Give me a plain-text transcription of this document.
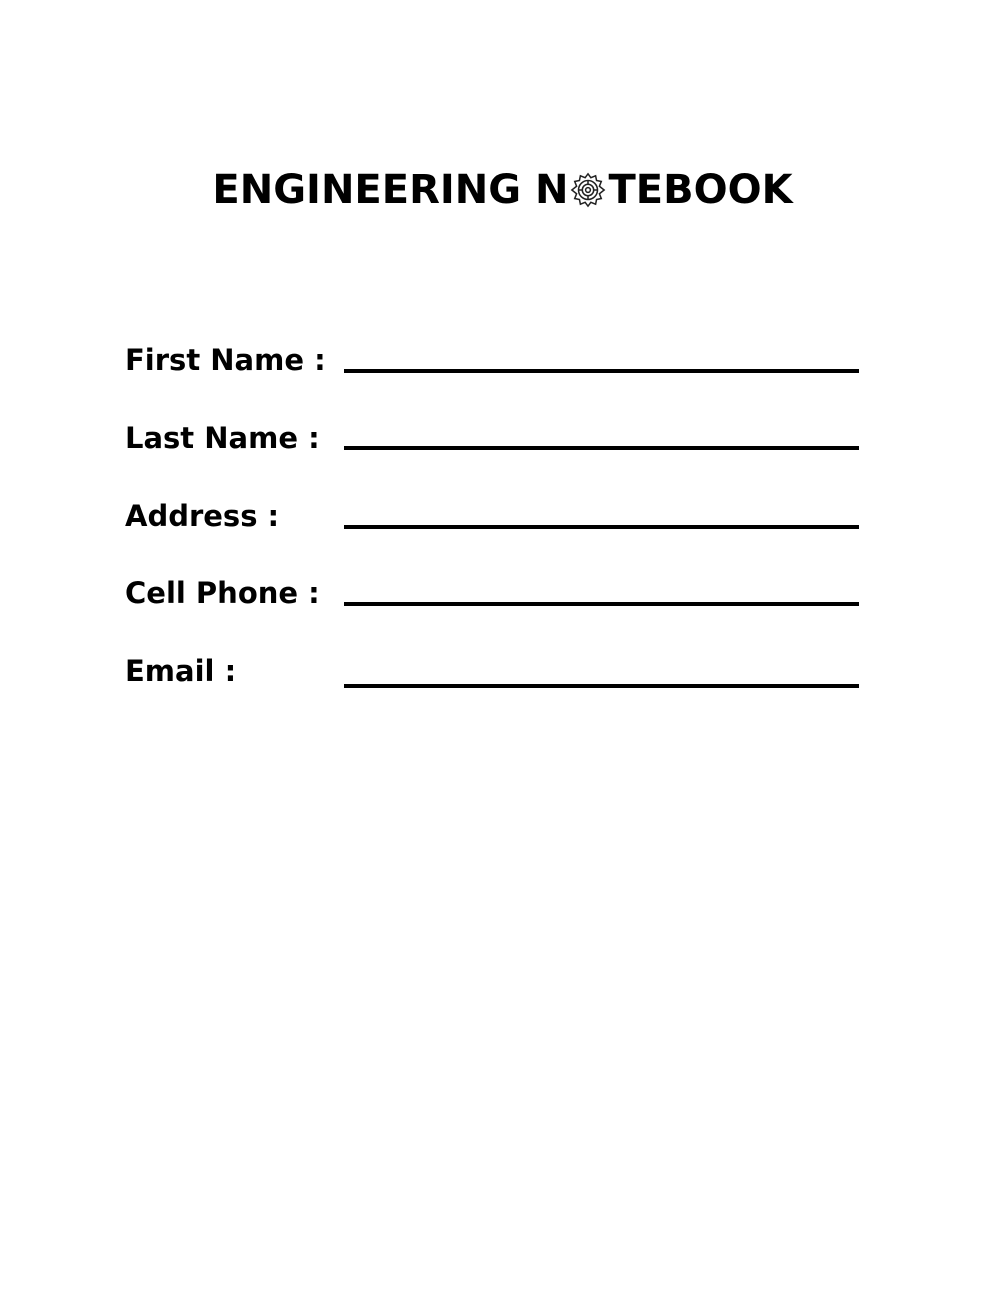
ENGINEERING N TEBOOK
First Name :
Last Name :
Address :
Cell Phone :
Email :
